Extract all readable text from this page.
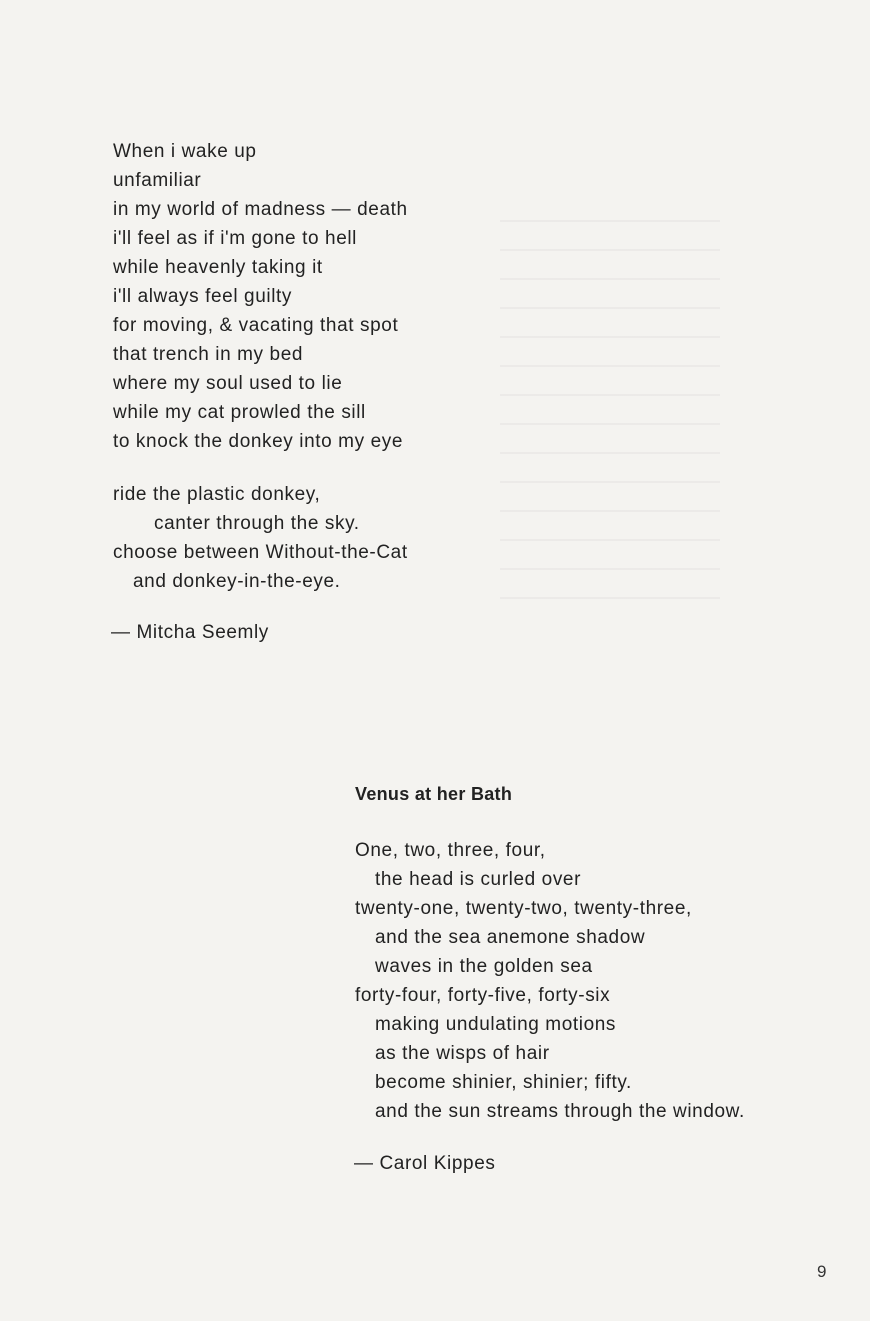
When i wake up
unfamiliar
in my world of madness — death
i'll feel as if i'm gone to hell
while heavenly taking it
i'll always feel guilty
for moving, & vacating that spot
that trench in my bed
where my soul used to lie
while my cat prowled the sill
to knock the donkey into my eye
ride the plastic donkey,
canter through the sky.
choose between Without-the-Cat
and donkey-in-the-eye.
— Mitcha Seemly
Venus at her Bath
One, two, three, four,
the head is curled over
twenty-one, twenty-two, twenty-three,
and the sea anemone shadow
waves in the golden sea
forty-four, forty-five, forty-six
making undulating motions
as the wisps of hair
become shinier, shinier; fifty.
and the sun streams through the window.
— Carol Kippes
9
